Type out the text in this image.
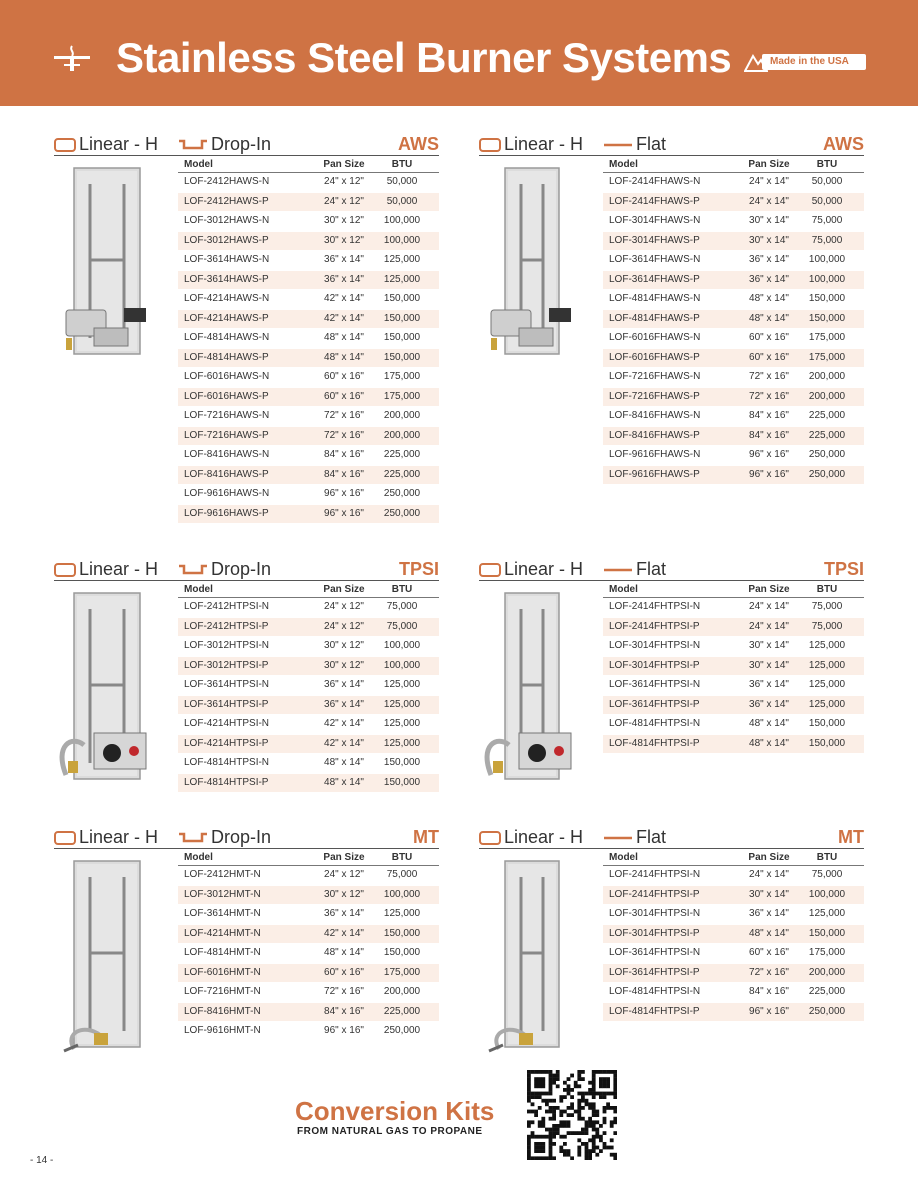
Stainless Steel Burner Systems	Made in the USA
Linear - H	Drop-In	AWS
Model	Pan Size	BTU
LOF-2412HAWS-N	24" x 12"	50,000
LOF-2412HAWS-P	24" x 12"	50,000
LOF-3012HAWS-N	30" x 12"	100,000
LOF-3012HAWS-P	30" x 12"	100,000
LOF-3614HAWS-N	36" x 14"	125,000
LOF-3614HAWS-P	36" x 14"	125,000
LOF-4214HAWS-N	42" x 14"	150,000
LOF-4214HAWS-P	42" x 14"	150,000
LOF-4814HAWS-N	48" x 14"	150,000
LOF-4814HAWS-P	48" x 14"	150,000
LOF-6016HAWS-N	60" x 16"	175,000
LOF-6016HAWS-P	60" x 16"	175,000
LOF-7216HAWS-N	72" x 16"	200,000
LOF-7216HAWS-P	72" x 16"	200,000
LOF-8416HAWS-N	84" x 16"	225,000
LOF-8416HAWS-P	84" x 16"	225,000
LOF-9616HAWS-N	96" x 16"	250,000
LOF-9616HAWS-P	96" x 16"	250,000
Linear - H	Flat	AWS
Model	Pan Size	BTU
LOF-2414FHAWS-N	24" x 14"	50,000
LOF-2414FHAWS-P	24" x 14"	50,000
LOF-3014FHAWS-N	30" x 14"	75,000
LOF-3014FHAWS-P	30" x 14"	75,000
LOF-3614FHAWS-N	36" x 14"	100,000
LOF-3614FHAWS-P	36" x 14"	100,000
LOF-4814FHAWS-N	48" x 14"	150,000
LOF-4814FHAWS-P	48" x 14"	150,000
LOF-6016FHAWS-N	60" x 16"	175,000
LOF-6016FHAWS-P	60" x 16"	175,000
LOF-7216FHAWS-N	72" x 16"	200,000
LOF-7216FHAWS-P	72" x 16"	200,000
LOF-8416FHAWS-N	84" x 16"	225,000
LOF-8416FHAWS-P	84" x 16"	225,000
LOF-9616FHAWS-N	96" x 16"	250,000
LOF-9616FHAWS-P	96" x 16"	250,000
Linear - H	Drop-In	TPSI
Model	Pan Size	BTU
LOF-2412HTPSI-N	24" x 12"	75,000
LOF-2412HTPSI-P	24" x 12"	75,000
LOF-3012HTPSI-N	30" x 12"	100,000
LOF-3012HTPSI-P	30" x 12"	100,000
LOF-3614HTPSI-N	36" x 14"	125,000
LOF-3614HTPSI-P	36" x 14"	125,000
LOF-4214HTPSI-N	42" x 14"	125,000
LOF-4214HTPSI-P	42" x 14"	125,000
LOF-4814HTPSI-N	48" x 14"	150,000
LOF-4814HTPSI-P	48" x 14"	150,000
Linear - H	Flat	TPSI
Model	Pan Size	BTU
LOF-2414FHTPSI-N	24" x 14"	75,000
LOF-2414FHTPSI-P	24" x 14"	75,000
LOF-3014FHTPSI-N	30" x 14"	125,000
LOF-3014FHTPSI-P	30" x 14"	125,000
LOF-3614FHTPSI-N	36" x 14"	125,000
LOF-3614FHTPSI-P	36" x 14"	125,000
LOF-4814FHTPSI-N	48" x 14"	150,000
LOF-4814FHTPSI-P	48" x 14"	150,000
Linear - H	Drop-In	MT
Model	Pan Size	BTU
LOF-2412HMT-N	24" x 12"	75,000
LOF-3012HMT-N	30" x 12"	100,000
LOF-3614HMT-N	36" x 14"	125,000
LOF-4214HMT-N	42" x 14"	150,000
LOF-4814HMT-N	48" x 14"	150,000
LOF-6016HMT-N	60" x 16"	175,000
LOF-7216HMT-N	72" x 16"	200,000
LOF-8416HMT-N	84" x 16"	225,000
LOF-9616HMT-N	96" x 16"	250,000
Linear - H	Flat	MT
Model	Pan Size	BTU
LOF-2414FHTPSI-N	24" x 14"	75,000
LOF-2414FHTPSI-P	30" x 14"	100,000
LOF-3014FHTPSI-N	36" x 14"	125,000
LOF-3014FHTPSI-P	48" x 14"	150,000
LOF-3614FHTPSI-N	60" x 16"	175,000
LOF-3614FHTPSI-P	72" x 16"	200,000
LOF-4814FHTPSI-N	84" x 16"	225,000
LOF-4814FHTPSI-P	96" x 16"	250,000
Conversion Kits
FROM NATURAL GAS TO PROPANE
- 14 -
